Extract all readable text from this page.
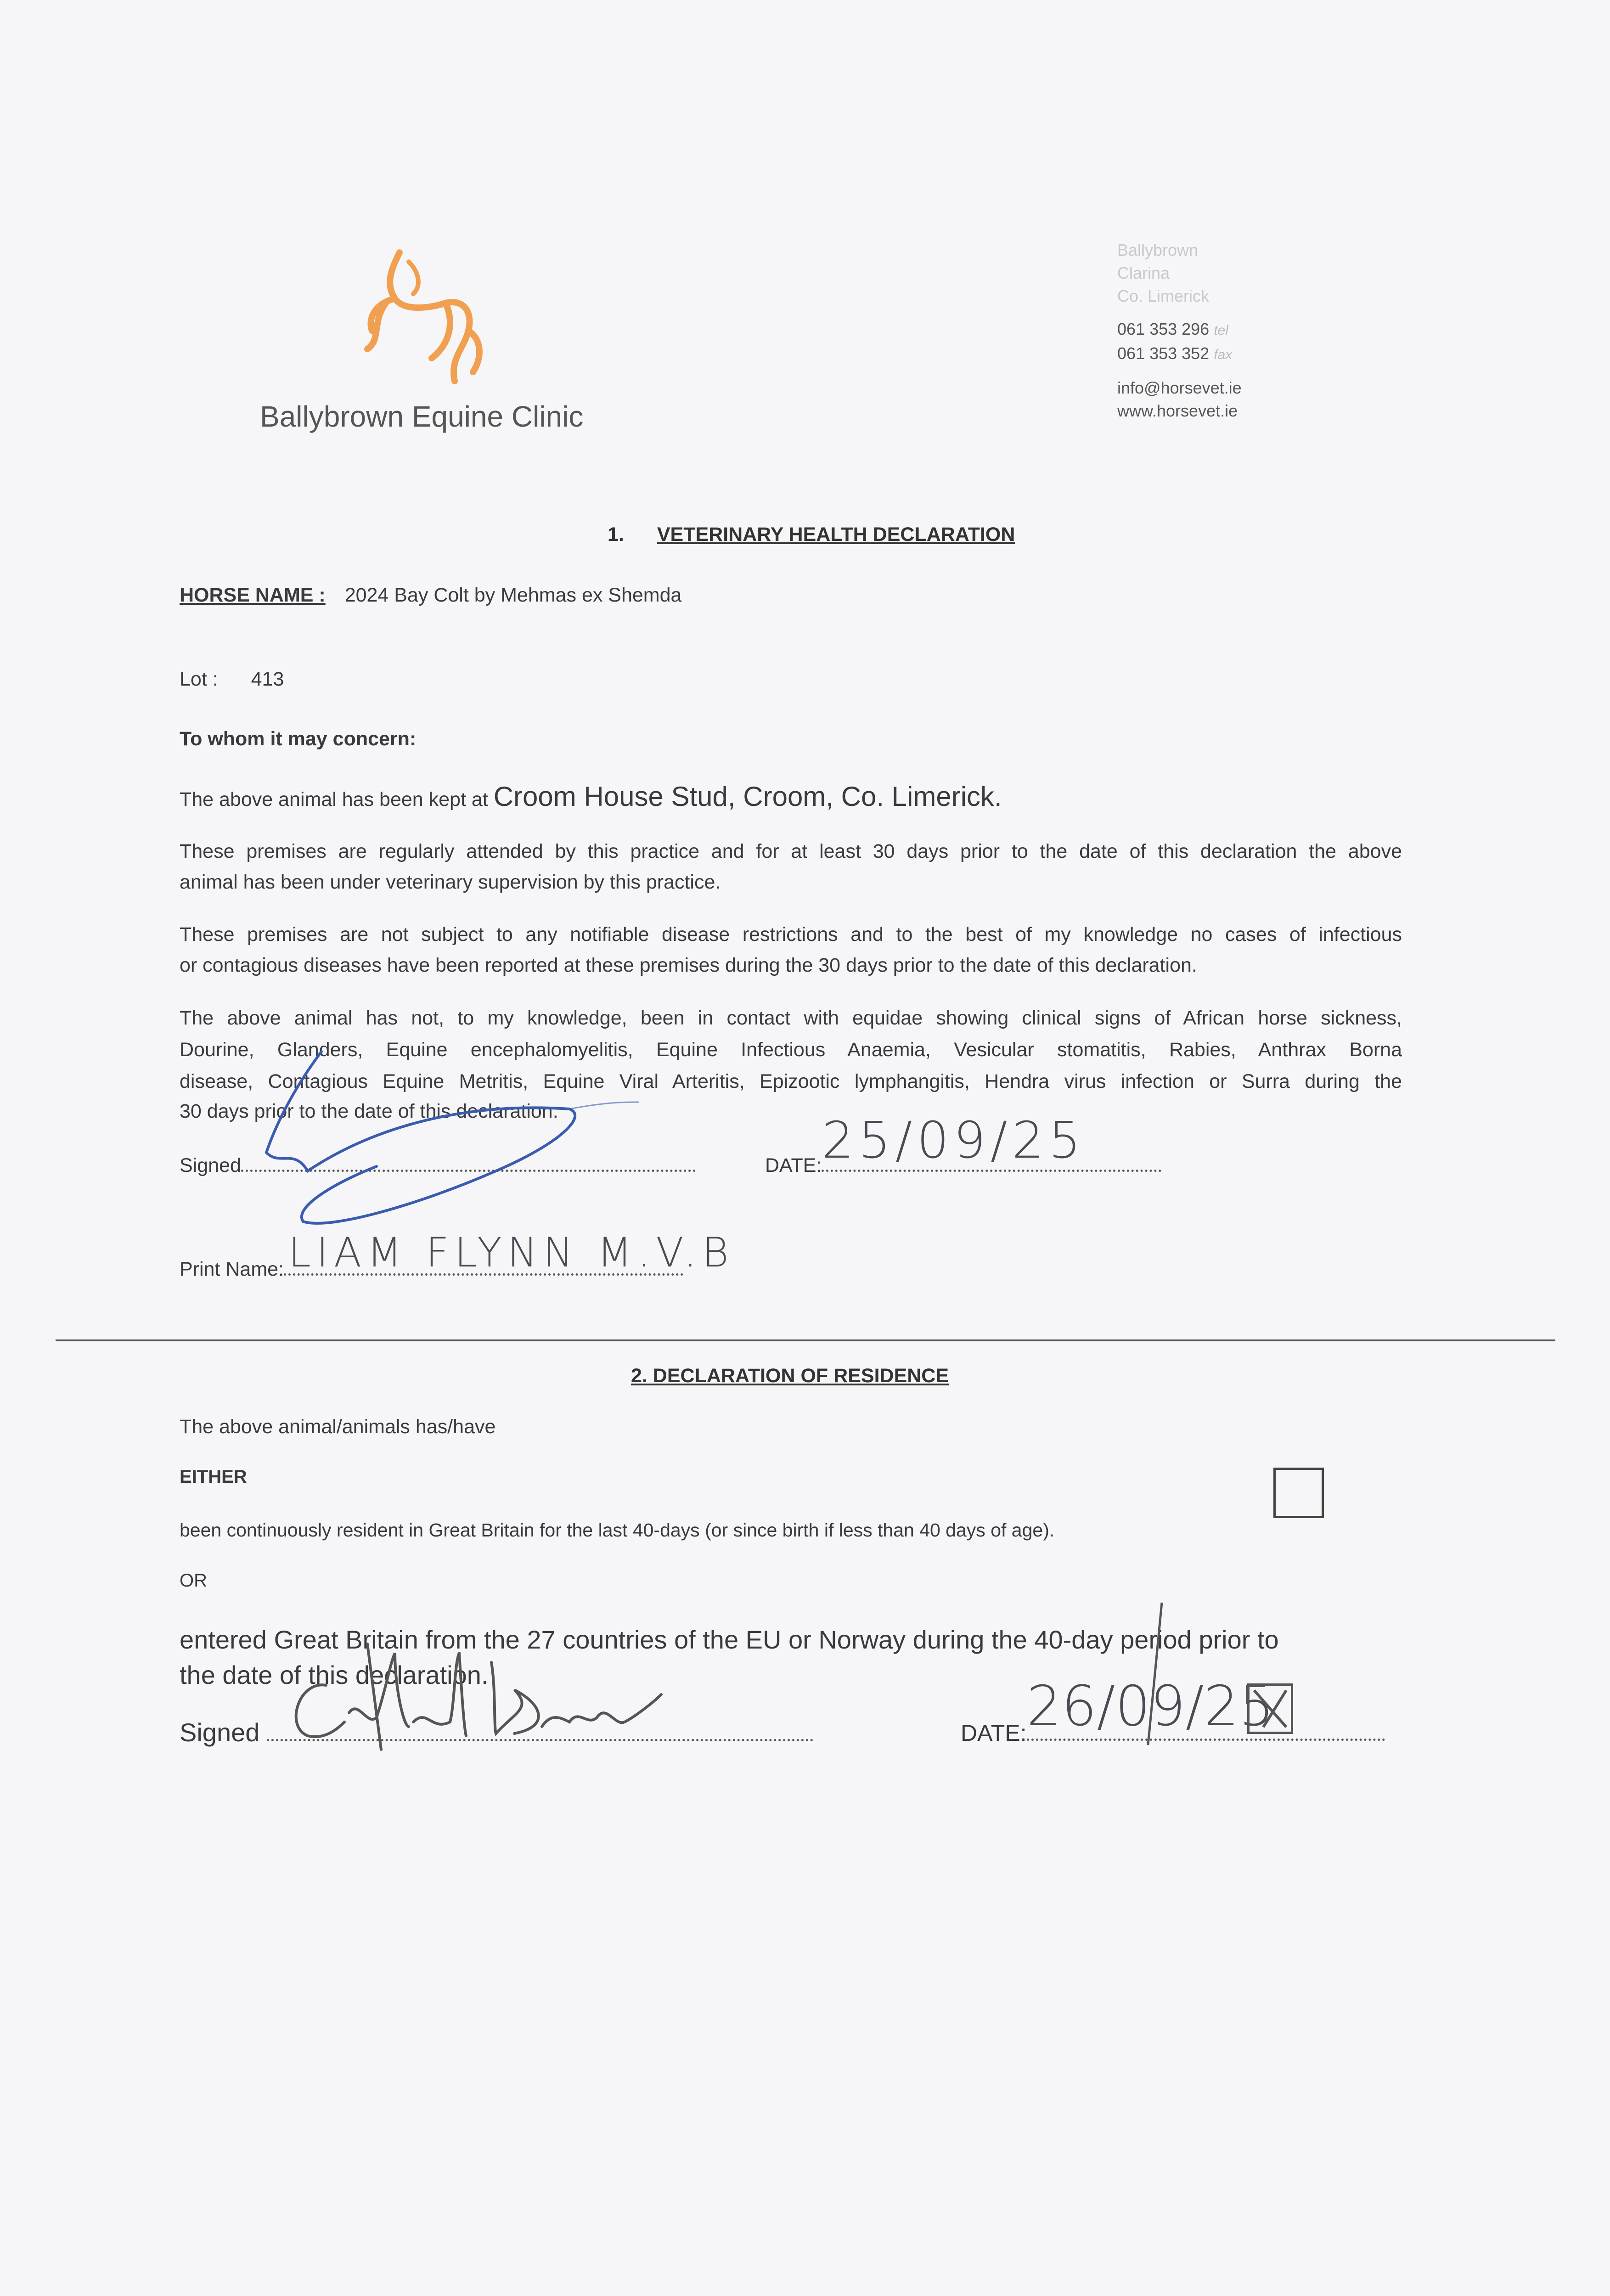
Ballybrown Equine Clinic
Ballybrown
Clarina
Co. Limerick
061 353 296 tel
061 353 352 fax
info@horsevet.ie
www.horsevet.ie
1. VETERINARY HEALTH DECLARATION
HORSE NAME : 2024 Bay Colt by Mehmas ex Shemda
Lot : 413
To whom it may concern:
The above animal has been kept at Croom House Stud, Croom, Co. Limerick.
These premises are regularly attended by this practice and for at least 30 days prior to the date of this declaration the above
animal has been under veterinary supervision by this practice.
These premises are not subject to any notifiable disease restrictions and to the best of my knowledge no cases of infectious
or contagious diseases have been reported at these premises during the 30 days prior to the date of this declaration.
The above animal has not, to my knowledge, been in contact with equidae showing clinical signs of African horse sickness,
Dourine, Glanders, Equine encephalomyelitis, Equine Infectious Anaemia, Vesicular stomatitis, Rabies, Anthrax Borna
disease, Contagious Equine Metritis, Equine Viral Arteritis, Epizootic lymphangitis, Hendra virus infection or Surra during the
30 days prior to the date of this declaration.
Signed	DATE: 25/09/25
Print Name: LIAM FLYNN M.V.B
2. DECLARATION OF RESIDENCE
The above animal/animals has/have
EITHER
been continuously resident in Great Britain for the last 40-days (or since birth if less than 40 days of age).
OR
entered Great Britain from the 27 countries of the EU or Norway during the 40-day period prior to
the date of this declaration.
Signed	DATE: 26/09/25
